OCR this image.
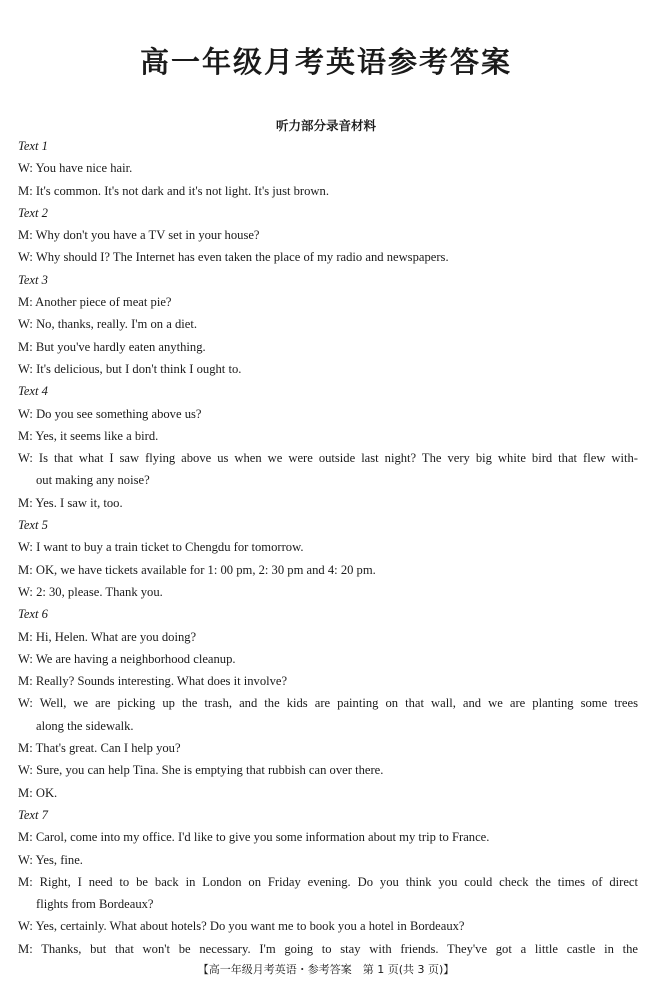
高一年级月考英语参考答案
听力部分录音材料
Text 1
W: You have nice hair.
M: It's common. It's not dark and it's not light. It's just brown.
Text 2
M: Why don't you have a TV set in your house?
W: Why should I? The Internet has even taken the place of my radio and newspapers.
Text 3
M: Another piece of meat pie?
W: No, thanks, really. I'm on a diet.
M: But you've hardly eaten anything.
W: It's delicious, but I don't think I ought to.
Text 4
W: Do you see something above us?
M: Yes, it seems like a bird.
W: Is that what I saw flying above us when we were outside last night? The very big white bird that flew with-
out making any noise?
M: Yes. I saw it, too.
Text 5
W: I want to buy a train ticket to Chengdu for tomorrow.
M: OK, we have tickets available for 1: 00 pm, 2: 30 pm and 4: 20 pm.
W: 2: 30, please. Thank you.
Text 6
M: Hi, Helen. What are you doing?
W: We are having a neighborhood cleanup.
M: Really? Sounds interesting. What does it involve?
W: Well, we are picking up the trash, and the kids are painting on that wall, and we are planting some trees
along the sidewalk.
M: That's great. Can I help you?
W: Sure, you can help Tina. She is emptying that rubbish can over there.
M: OK.
Text 7
M: Carol, come into my office. I'd like to give you some information about my trip to France.
W: Yes, fine.
M: Right, I need to be back in London on Friday evening. Do you think you could check the times of direct
flights from Bordeaux?
W: Yes, certainly. What about hotels? Do you want me to book you a hotel in Bordeaux?
M: Thanks, but that won't be necessary. I'm going to stay with friends. They've got a little castle in the
【高一年级月考英语・参考答案　第 1 页(共 3 页)】
